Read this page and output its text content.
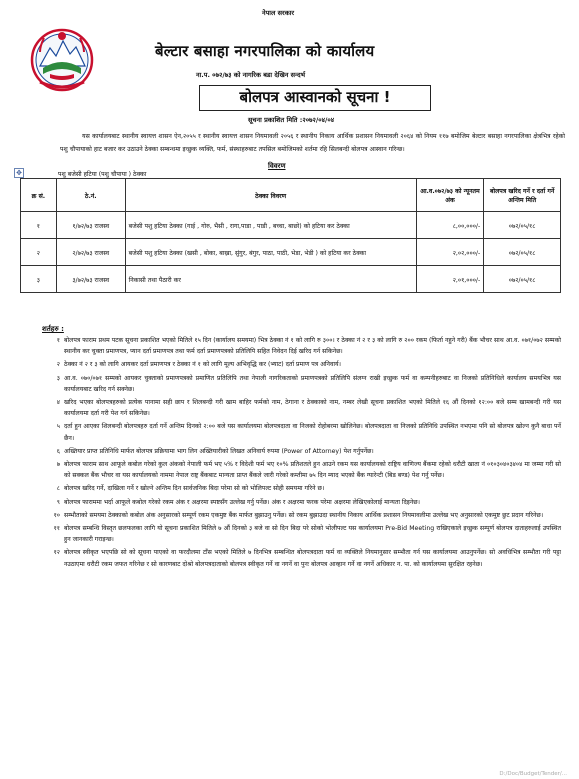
नेपाल सरकार
बेल्टार बसाहा नगरपालिका को कार्यालय
ना.प. ०७२/७३ को नागरिक बडा देखिन सन्दर्भ
बोलपत्र आस्वानको सूचना !
सूचना प्रकाशित मिति :२०७२/०४/०४

यस कार्यालयबाट स्थानीय स्वायत्त शासन ऐन,२०५५ र स्थानीय स्वायत्त शासन नियमावली २०५६ र स्थानीय निकाय आर्थिक प्रशासन नियमावली २०६४ को नियम ११७ बमोजिम बेल्टार बसाहा नगरपालिका क्षेत्रभित्र रहेको पशु चौपायाको हाट बजार कर उठाउने ठेक्का सम्बन्धमा इच्छुक व्यक्ति, फर्म, संस्थाहरुबाट तपसिल बमोजिमको शर्तमा रहि सिलबन्दी बोलपत्र आस्वान गरिन्छ।

विवरण
✥	पशु बजेसी हटिया (पशु चौपाया ) ठेक्का
क्र सं.	ठे.नं.	ठेक्का विवरण	आ.व.०७२/७३ को न्यूनतम अंक	बोलपत्र खरिद गर्ने र दर्ता गर्ने अन्तिम मिति
१	१/७२/७३ राजस्व	बजेसी पशु हटिया ठेक्का (गाई , गोरु, भैसी , रागा,पाडा , पाडी , बच्चा, बाछो) को हटिया कर ठेक्का	८,००,०००/-	०७२/०५/१८
२	२/७२/७३ राजस्व	बजेसी पशु हटिया ठेक्का (खसी , बोका, बाख्रा, सुंगुर, बंगुर, पाठा, पाठी, भेडा, भेडी ) को हटिया कर ठेक्का	२,०२,०००/-	०७२/०५/१८
३	३/७२/७३ राजस्व	निकासी तथा पैठारी कर	२,०१,०००/-	०७२/०५/१८
शर्तहरु :
१ बोलपत्र फाराम प्रथम पटक सूचना प्रकाशित भएको मितिले १५ दिन (कार्यालय समयमा) भित्र ठेक्का नं १ को लागि रु ३००। र ठेक्का नं २ र ३ को लागि रु २०० रकम (फिर्ता नहुने गरी) बैंक भौचर साथ आ.व. ०७१/०७२ सम्मको स्थानीय कर चुक्ता प्रमाणपत्र, प्यान दर्ता प्रमाणपत्र तथा फर्म दर्ता प्रमाणपत्रको प्रतिलिपि सहित निवेदन दिई खरिद गर्न सकिनेछ।
२ ठेक्का नं २ र ३ को लागि आयकर दर्ता प्रमाणपत्र र ठेक्का नं १ को लागि मूल्य अभिवृद्धि कर (भ्याट) दर्ता प्रमाण पत्र अनिवार्य।
३ आ.व. ०७०/०७१ सम्मको आयकर चुक्ताको प्रमाणपत्रको प्रमाणित प्रतिलिपि तथा नेपाली नागरिकताको प्रमाणपत्रको प्रतिलिपि संलग्न राखी इच्छुक फर्म वा कम्पनीहरुबाट वा निजको प्रतिनिधिले कार्यालय समयभित्र यस कार्यालयबाट खरिद गर्न सक्नेछ।
४ खरिद भएका बोलपत्रहरुको प्रत्येक पानामा सही छाप र शिलबन्दी गरी खाम बाहिर फर्मको नाम, ठेगाना र ठेक्काको नाम, नम्बर लेखी सूचना प्रकाशित भएको मितिले १६ औं दिनको १२:०० बजे सम्म खामबन्दी गरी यस कार्यालयमा दर्ता गरी पेश गर्न सकिनेछ।
५ दर्ता हुन आएका शिलबन्दी बोलपत्रहरु दर्ता गर्ने अन्तिम दिनको २:०० बजे यस कार्यालयमा बोलपत्रदाता वा निजको रोहोबरमा खोलिनेछ। बोलपत्रदाता वा निजको प्रतिनिधि उपस्थित नभएमा पनि सो बोलपत्र खोल्न कुनै बाधा पर्ने छैन।
६ अख्तियार प्राप्त प्रतिनिधि मार्फत बोलपत्र प्रक्रियामा भाग लिन अख्तियारीको लिखत अनिवार्य रुपमा (Power of Attorney) पेश गर्नुपर्नेछ।
७ बोलपत्र फाराम साथ आफूले कबोल गरेको कुल अंकको नेपाली फर्म भए ५% र विदेशी फर्म भए १०% प्रतिशतले हुन आउने रकम यस कार्यालयको राष्ट्रिय वाणिज्य बैंकमा रहेको धरौटी खाता नं ०१०३०४०३४०४ मा जम्मा गरी सो को सक्कल बैंक भौचर वा यस कार्यालयको नाममा नेपाल राष्ट्र बैंकबाट मान्यता प्राप्त बैंकले जारी गरेको कम्तीमा ७५ दिन म्याद भएको बैंक ग्यारेन्टी (बिड बण्ड) पेश गर्नु पर्नेछ।
८ बोलपत्र खरिद गर्ने, दाखिला गर्ने र खोल्ने अन्तिम दिन सार्वजनिक बिदा परेमा सो को भोलिपल्ट सोही समयमा गरिने छ।
९ बोलपत्र फाराममा भर्दा आफूले कबोल गरेको रकम अंक र अक्षरमा स्पष्टसँग उल्लेख गर्नु पर्नेछ। अंक र अक्षरमा फरक परेमा अक्षरमा लेखिएकोलाई मान्यता दिइनेछ।
१० सम्भौताको समयमा ठेक्काको कबोल अंक अनुसारको सम्पूर्ण रकम एकमुष्ट बैंक मार्फत बुझाउनु पर्नेछ। सो रकम बुझाउदा स्थानीय निकाय आर्थिक प्रशासन नियमावलीमा उल्लेख भए अनुसारको एकमुष्ट छुट प्रदान गरिनेछ।
११ बोलपत्र सम्बन्धि विस्तृत छलफलका लागि यो सूचना प्रकाशित मितिले ७ औं दिनको ३ बजे वा सो दिन बिदा परे सोको भोलीपल्ट यस कार्यालयमा Pre-Bid Meeting राखिएकाले इच्छुक सम्पूर्ण बोलपत्र दाताहरुलाई उपस्थित हुन जानकारी गराइन्छ।
१२ बोलपत्र स्वीकृत भएपछि सो को सूचना पाएको वा फरदौलमा टाँस भएको मितिले ७ दिनभित्र सम्बन्धित बोलपत्रदाता फर्म वा व्यक्तिले नियमानुसार सम्भौता गर्न यस कार्यालयमा आउनुपर्नेछ। सो अवधिभित्र सम्भौता गरी पट्टा नउठाएमा धरौटी रकम जफत गरिनेछ र सो कारणबाट दोश्रो बोलपत्रदाताको बोलपत्र स्वीकृत गर्ने वा नगर्ने वा पुनः बोलपत्र आव्हान गर्ने वा नगर्ने अधिकार न. पा. को कार्यालयमा सुरक्षित रहनेछ।
D:/Doc/Budget/Tender/...
